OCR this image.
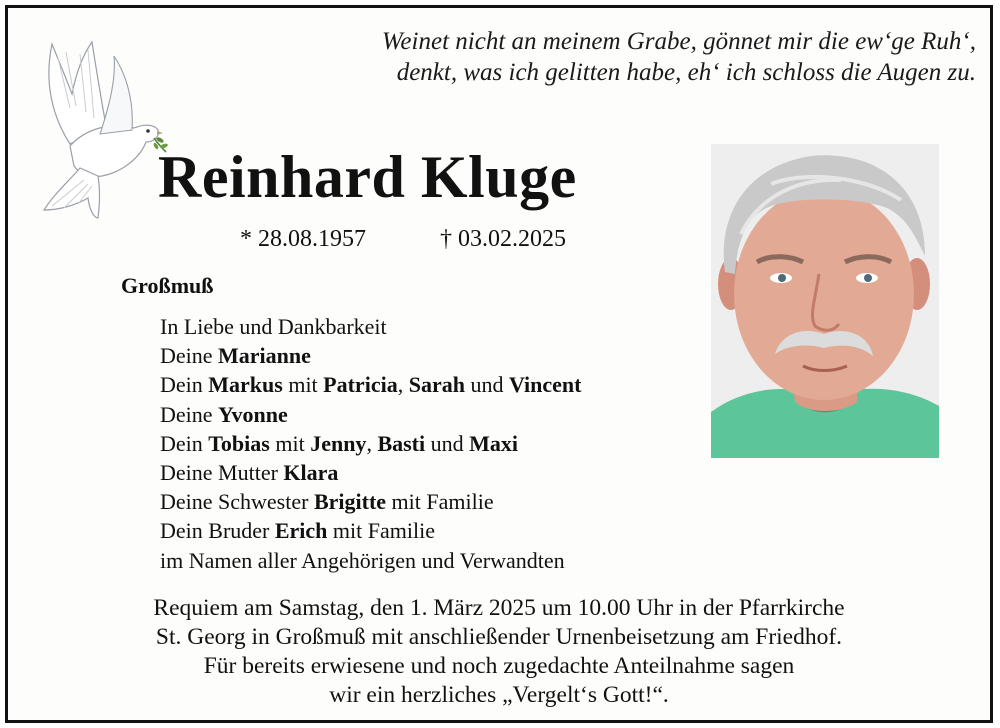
Weinet nicht an meinem Grabe, gönnet mir die ew‘ge Ruh‘,
denkt, was ich gelitten habe, eh‘ ich schloss die Augen zu.
Reinhard Kluge
* 28.08.1957	† 03.02.2025
Großmuß
In Liebe und Dankbarkeit
Deine Marianne
Dein Markus mit Patricia, Sarah und Vincent
Deine Yvonne
Dein Tobias mit Jenny, Basti und Maxi
Deine Mutter Klara
Deine Schwester Brigitte mit Familie
Dein Bruder Erich mit Familie
im Namen aller Angehörigen und Verwandten
Requiem am Samstag, den 1. März 2025 um 10.00 Uhr in der Pfarrkirche
St. Georg in Großmuß mit anschließender Urnenbeisetzung am Friedhof.
Für bereits erwiesene und noch zugedachte Anteilnahme sagen
wir ein herzliches „Vergelt‘s Gott!“.
